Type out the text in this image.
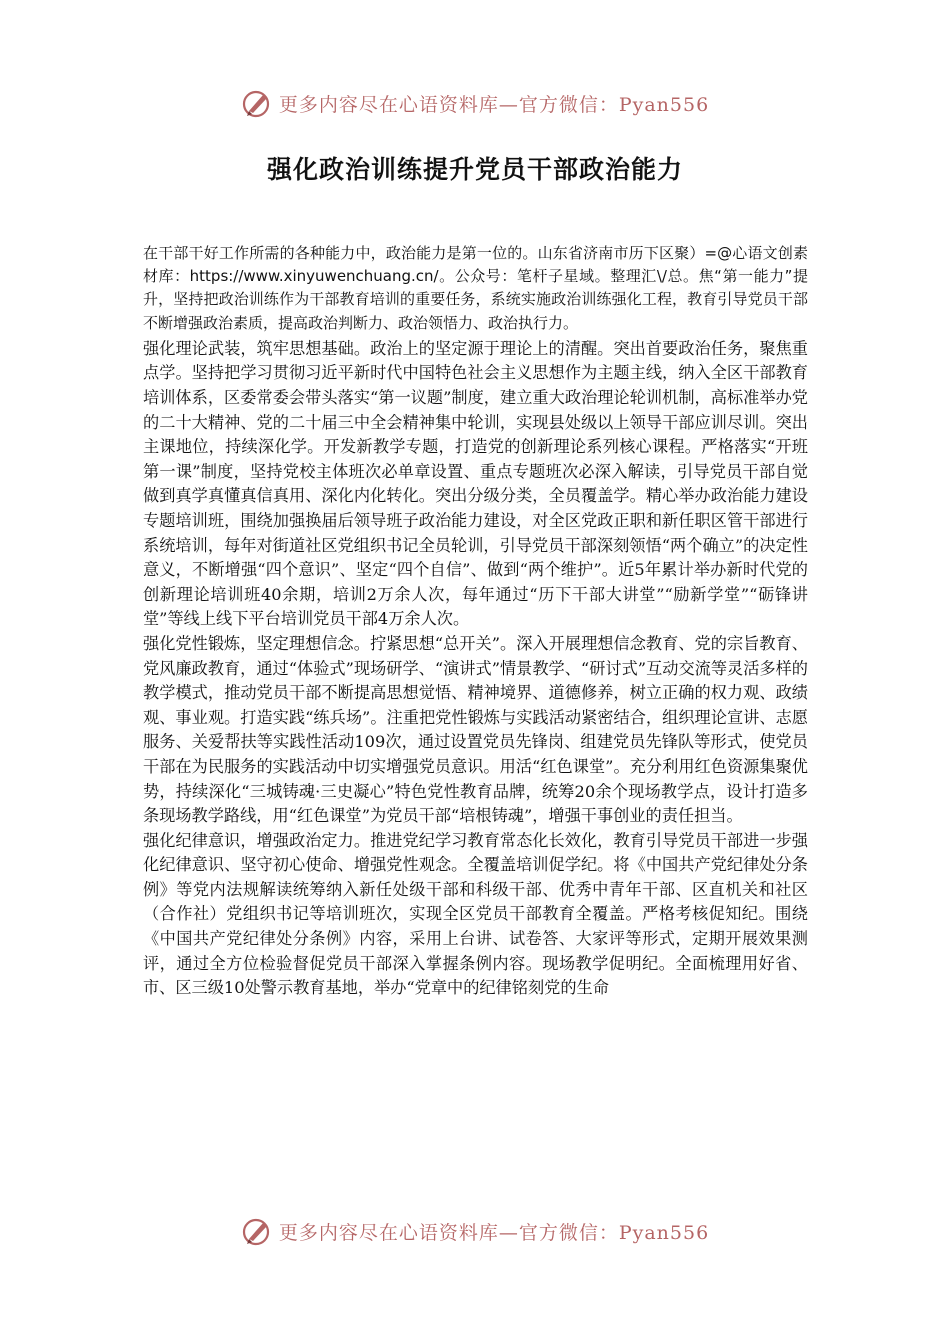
更多内容尽在心语资料库—官方微信：Pyan556
强化政治训练提升党员干部政治能力

在干部干好工作所需的各种能力中，政治能力是第一位的。山东省济南市历下区聚）=@心语文创素材库：https://www.xinyuwenchuang.cn/。公众号：笔杆子星域。整理汇\/总。焦“第一能力”提升，坚持把政治训练作为干部教育培训的重要任务，系统实施政治训练强化工程，教育引导党员干部不断增强政治素质，提高政治判断力、政治领悟力、政治执行力。

强化理论武装，筑牢思想基础。政治上的坚定源于理论上的清醒。突出首要政治任务，聚焦重点学。坚持把学习贯彻习近平新时代中国特色社会主义思想作为主题主线，纳入全区干部教育培训体系，区委常委会带头落实“第一议题”制度，建立重大政治理论轮训机制，高标准举办党的二十大精神、党的二十届三中全会精神集中轮训，实现县处级以上领导干部应训尽训。突出主课地位，持续深化学。开发新教学专题，打造党的创新理论系列核心课程。严格落实“开班第一课”制度，坚持党校主体班次必单章设置、重点专题班次必深入解读，引导党员干部自觉做到真学真懂真信真用、深化内化转化。突出分级分类，全员覆盖学。精心举办政治能力建设专题培训班，围绕加强换届后领导班子政治能力建设，对全区党政正职和新任职区管干部进行系统培训，每年对街道社区党组织书记全员轮训，引导党员干部深刻领悟“两个确立”的决定性意义，不断增强“四个意识”、坚定“四个自信”、做到“两个维护”。近5年累计举办新时代党的创新理论培训班40余期，培训2万余人次，每年通过“历下干部大讲堂”“励新学堂”“砺锋讲堂”等线上线下平台培训党员干部4万余人次。

强化党性锻炼，坚定理想信念。拧紧思想“总开关”。深入开展理想信念教育、党的宗旨教育、党风廉政教育，通过“体验式”现场研学、“演讲式”情景教学、“研讨式”互动交流等灵活多样的教学模式，推动党员干部不断提高思想觉悟、精神境界、道德修养，树立正确的权力观、政绩观、事业观。打造实践“练兵场”。注重把党性锻炼与实践活动紧密结合，组织理论宣讲、志愿服务、关爱帮扶等实践性活动109次，通过设置党员先锋岗、组建党员先锋队等形式，使党员干部在为民服务的实践活动中切实增强党员意识。用活“红色课堂”。充分利用红色资源集聚优势，持续深化“三城铸魂·三史凝心”特色党性教育品牌，统筹20余个现场教学点，设计打造多条现场教学路线，用“红色课堂”为党员干部“培根铸魂”，增强干事创业的责任担当。

强化纪律意识，增强政治定力。推进党纪学习教育常态化长效化，教育引导党员干部进一步强化纪律意识、坚守初心使命、增强党性观念。全覆盖培训促学纪。将《中国共产党纪律处分条例》等党内法规解读统筹纳入新任处级干部和科级干部、优秀中青年干部、区直机关和社区（合作社）党组织书记等培训班次，实现全区党员干部教育全覆盖。严格考核促知纪。围绕《中国共产党纪律处分条例》内容，采用上台讲、试卷答、大家评等形式，定期开展效果测评，通过全方位检验督促党员干部深入掌握条例内容。现场教学促明纪。全面梳理用好省、市、区三级10处警示教育基地，举办“党章中的纪律铭刻党的生命

更多内容尽在心语资料库—官方微信：Pyan556
